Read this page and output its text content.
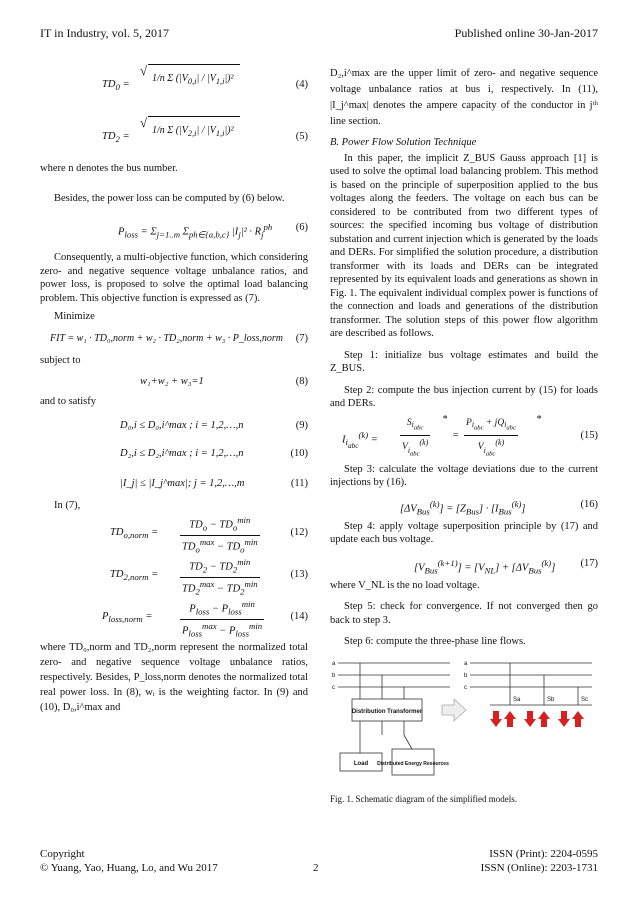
IT in Industry, vol. 5, 2017	Published online 30-Jan-2017
$TD_0$ =
√
1/n Σ $(|V_{0,i}| / |V_{1,i}|)^2$
(4)
$TD_2$ =
√
1/n Σ $(|V_{2,i}| / |V_{1,i}|)^2$
(5)

where n denotes the bus number.

Besides, the power loss can be computed by (6) below.

$P_{loss} = \Sigma_{j=1..m}$ $\Sigma_{ph\in\{a,b,c\}}$ $|I_j|^2 \cdot R_j^{ph}$ (6)

Consequently, a multi-objective function, which considering zero- and negative sequence voltage unbalance ratios, and power loss, is proposed to solve the optimal load balancing problem. This objective function is expressed as (7).

Minimize

FIT = w₁ · TD₀,norm + w₂ · TD₂,norm + w₃ · P_loss,norm (7)

subject to

w₁+w₂ + w₃=1	(8)

and to satisfy

D₀,i ≤ D₀,i^max ; i = 1,2,…,n	(9)
D₂,i ≤ D₂,i^max ; i = 1,2,…,n	(10)
|I_j| ≤ |I_j^max|; j = 1,2,…,m	(11)

In (7),

$TD_{o,norm}$ =
$TD_o - TD_o^{min}$
$TD_o^{max} - TD_o^{min}$
(12)
$TD_{2,norm}$ =
$TD_2 - TD_2^{min}$
$TD_2^{max} - TD_2^{min}$
(13)
$P_{loss,norm}$ =
$P_{loss} - P_{loss}^{min}$
$P_{loss}^{max} - P_{loss}^{min}$
(14)

where TD₀,norm and TD₂,norm represent the normalized total zero- and negative sequence voltage unbalance ratios, respectively. Besides, P_loss,norm denotes the normalized total real power loss. In (8), wᵢ is the weighting factor. In (9) and (10), D₀,i^max and

D₂,i^max are the upper limit of zero- and negative sequence voltage unbalance ratios at bus i, respectively. In (11), |I_j^max| denotes the ampere capacity of the conductor in jᵗʰ line section.

B. Power Flow Solution Technique

In this paper, the implicit Z_BUS Gauss approach [1] is used to solve the optimal load balancing problem. This method is based on the principle of superposition applied to the bus voltages along the feeders. The voltage on each bus can be considered to be contributed from two different types of sources: the specified incoming bus voltage of distribution substation and current injection which is generated by the loads and DERs. For simplified the solution procedure, a distribution transformer with its loads and DERs can be integrated represented by its equivalent loads and generations as shown in Fig. 1. The equivalent individual complex power is functions of the connection and loads and generations of the distribution transformer. The solution steps of this power flow algorithm are described as follows.

Step 1: initialize bus voltage estimates and build the Z_BUS.

Step 2: compute the bus injection current by (15) for loads and DERs.

$I_{i_{abc}}^{(k)}$ =
$S_{i_{abc}}$
$V_{i_{abc}}^{(k)}$
*
=
$P_{i_{abc}} + jQ_{i_{abc}}$
$V_{i_{abc}}^{(k)}$
*
(15)

Step 3: calculate the voltage deviations due to the current injections by (16).

$[\Delta V_{Bus}^{(k)}] = [Z_{Bus}] \cdot [I_{Bus}^{(k)}]$	(16)

Step 4: apply voltage superposition principle by (17) and update each bus voltage.

$[V_{Bus}^{(k+1)}] = [V_{NL}] + [\Delta V_{Bus}^{(k)}]$ (17)

where V_NL is the no load voltage.

Step 5: check for convergence. If not converged then go back to step 3.

Step 6: compute the three-phase line flows.

a
b
c
a
b
c
Distribution Transformer
Load Distributed Energy Resources
Sa	Sb	Sc

Fig. 1. Schematic diagram of the simplified models.

Copyright
© Yuang, Yao, Huang, Lo, and Wu 2017	2
ISSN (Print): 2204-0595
ISSN (Online): 2203-1731
